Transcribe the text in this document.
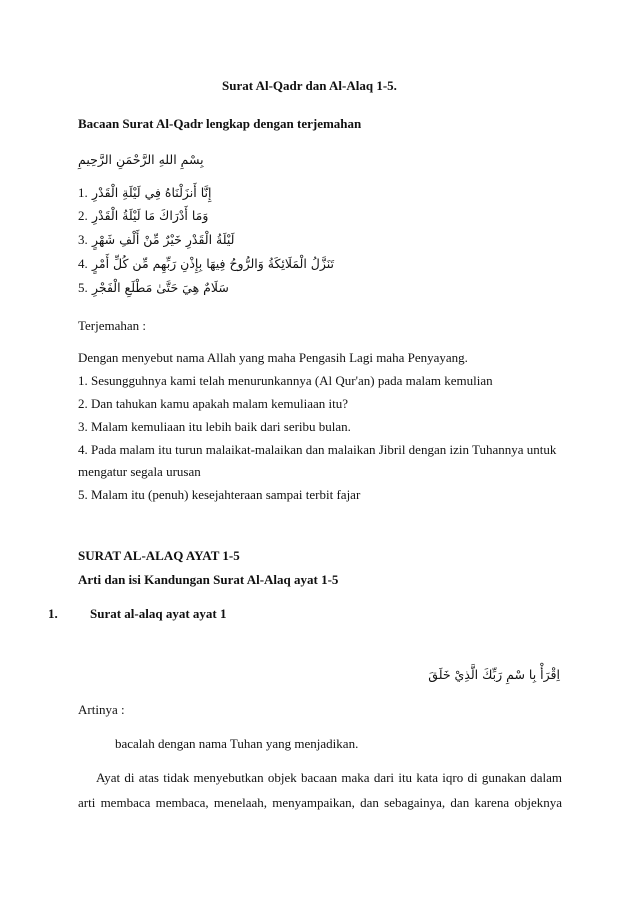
Surat Al-Qadr dan Al-Alaq 1-5.
Bacaan Surat Al-Qadr lengkap dengan terjemahan
بِسْمِ اللهِ الرَّحْمَنِ الرَّحِيمِ
1. إِنَّا أَنزَلْنَاهُ فِي لَيْلَةِ الْقَدْرِ
2. وَمَا أَدْرَاكَ مَا لَيْلَةُ الْقَدْرِ
3. لَيْلَةُ الْقَدْرِ خَيْرٌ مِّنْ أَلْفِ شَهْرٍ
4. تَنَزَّلُ الْمَلَائِكَةُ وَالرُّوحُ فِيهَا بِإِذْنِ رَبِّهِم مِّن كُلِّ أَمْرٍ
5. سَلَامٌ هِيَ حَتَّىٰ مَطْلَعِ الْفَجْرِ
Terjemahan :
Dengan menyebut nama Allah yang maha Pengasih Lagi maha Penyayang.
1. Sesungguhnya kami telah menurunkannya (Al Qur'an) pada malam kemulian
2. Dan tahukan kamu apakah malam kemuliaan itu?
3. Malam kemuliaan itu lebih baik dari seribu bulan.
4. Pada malam itu turun malaikat-malaikan dan malaikan Jibril dengan izin Tuhannya untuk
mengatur segala urusan
5. Malam itu (penuh) kesejahteraan sampai terbit fajar
SURAT AL-ALAQ AYAT 1-5
Arti dan isi Kandungan Surat Al-Alaq ayat 1-5
1. Surat al-alaq ayat ayat 1
اِقْرَأْ بِا سْمِ رَبِّكَ الَّذِيْ خَلَقَ
Artinya :
bacalah dengan nama Tuhan yang menjadikan.
Ayat di atas tidak menyebutkan objek bacaan maka dari itu kata iqro di gunakan dalam
arti membaca membaca, menelaah, menyampaikan, dan sebagainya, dan karena objeknya
